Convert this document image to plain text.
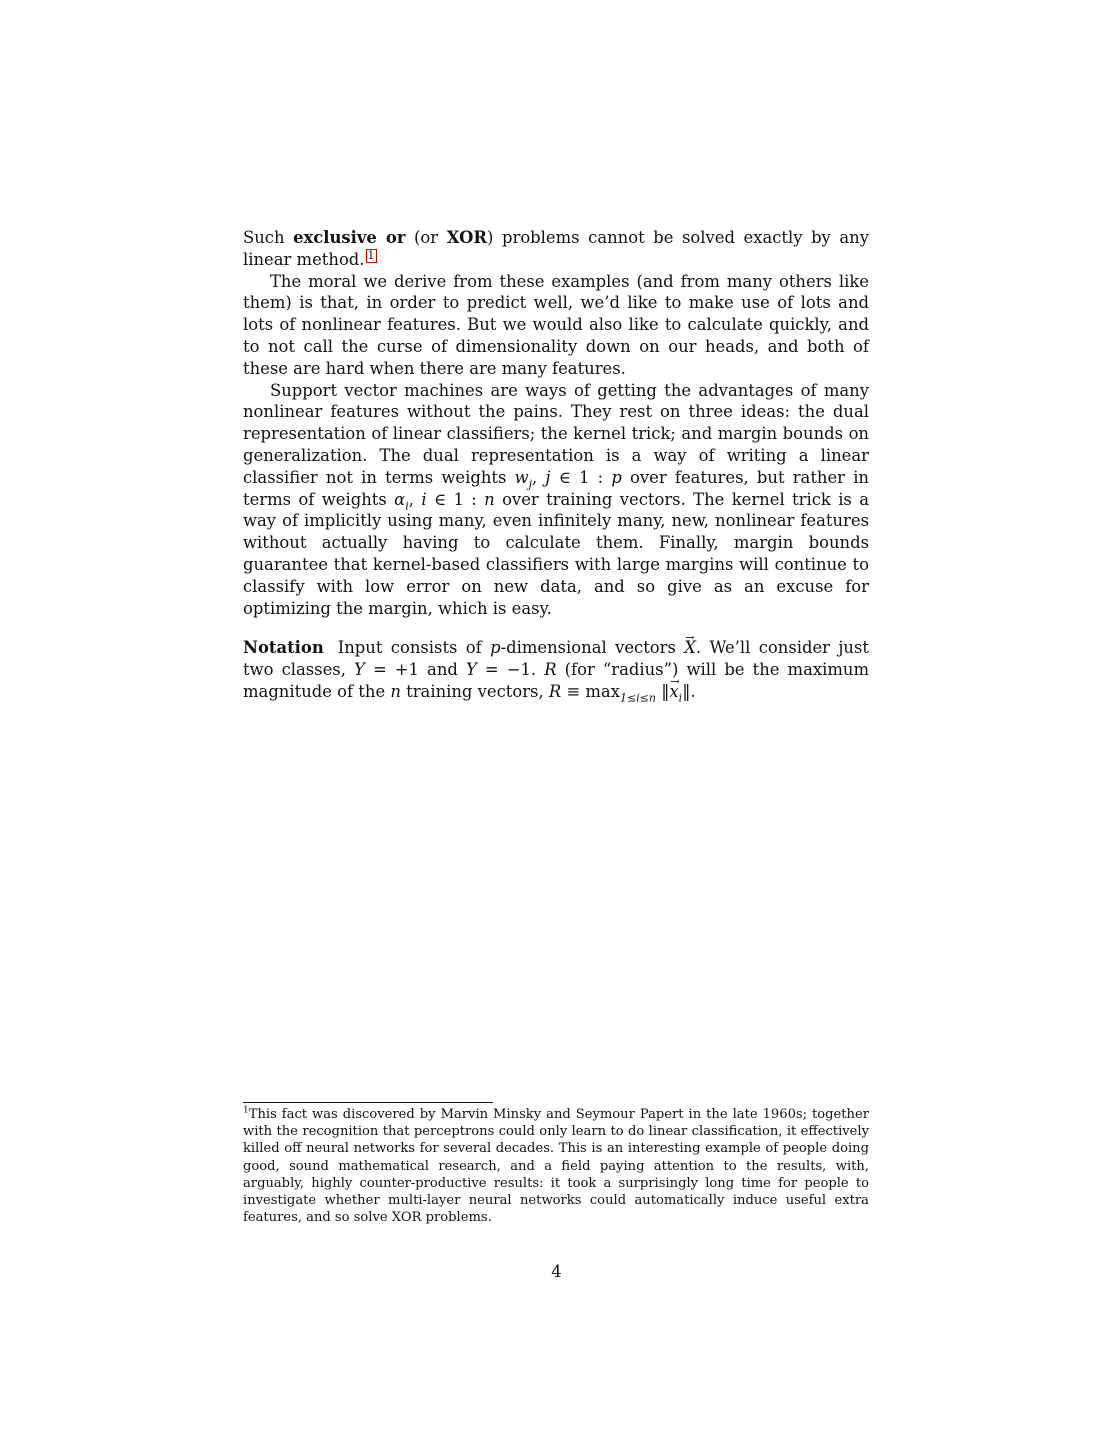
Such exclusive or (or XOR) problems cannot be solved exactly by any linear method. 1

The moral we derive from these examples (and from many others like them) is that, in order to predict well, we’d like to make use of lots and lots of nonlinear features. But we would also like to calculate quickly, and to not call the curse of dimensionality down on our heads, and both of these are hard when there are many features.

Support vector machines are ways of getting the advantages of many nonlinear features without the pains. They rest on three ideas: the dual representation of linear classifiers; the kernel trick; and margin bounds on generalization. The dual representation is a way of writing a linear classifier not in terms weights $w_j$, j ∈ 1 : p over features, but rather in terms of weights $\alpha_i$, i ∈ 1 : n over training vectors. The kernel trick is a way of implicitly using many, even infinitely many, new, nonlinear features without actually having to calculate them. Finally, margin bounds guarantee that kernel-based classifiers with large margins will continue to classify with low error on new data, and so give as an excuse for optimizing the margin, which is easy.

Notation Input consists of p-dimensional vectors → X. We’ll consider just two classes, Y = +1 and Y = −1. R (for “radius”) will be the maximum magnitude of the n training vectors, $R \equiv \max_{1\le i\le n}$ ‖→ $x_i‖$.

$^1$This fact was discovered by Marvin Minsky and Seymour Papert in the late 1960s; together with the recognition that perceptrons could only learn to do linear classification, it effectively killed off neural networks for several decades. This is an interesting example of people doing good, sound mathematical research, and a field paying attention to the results, with, arguably, highly counter-productive results: it took a surprisingly long time for people to investigate whether multi-layer neural networks could automatically induce useful extra features, and so solve XOR problems.
4
